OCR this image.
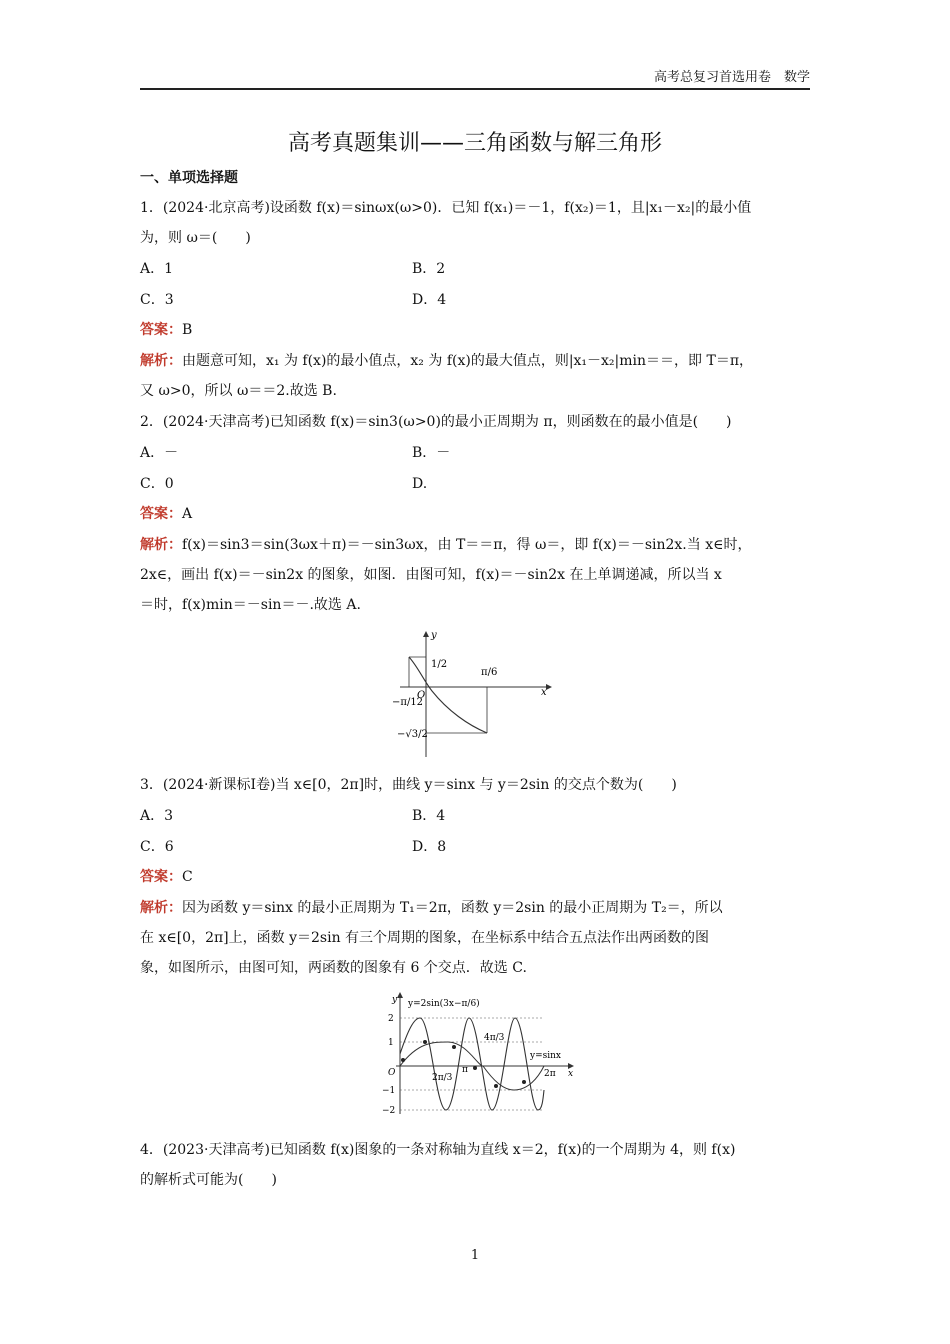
高考总复习首选用卷　数学
高考真题集训——三角函数与解三角形
一、单项选择题
1．(2024·北京高考)设函数 f(x)＝sinωx(ω>0)．已知 f(x₁)＝－1，f(x₂)＝1，且|x₁－x₂|的最小值
为，则 ω＝(　　)
A．1	B．2
C．3	D．4
答案：B
解析：由题意可知，x₁ 为 f(x)的最小值点，x₂ 为 f(x)的最大值点，则|x₁－x₂|min＝＝，即 T＝π，
又 ω>0，所以 ω＝＝2.故选 B.
2．(2024·天津高考)已知函数 f(x)＝sin3(ω>0)的最小正周期为 π，则函数在的最小值是(　　)
A．－	B．－
C．0	D.
答案：A
解析：f(x)＝sin3＝sin(3ωx＋π)＝－sin3ωx，由 T＝＝π，得 ω＝，即 f(x)＝－sin2x.当 x∈时，
2x∈，画出 f(x)＝－sin2x 的图象，如图．由图可知，f(x)＝－sin2x 在上单调递减，所以当 x
＝时，f(x)min＝－sin＝－.故选 A.
y
x
O
1/2
π/6
−π/12
−√3/2
3．(2024·新课标Ⅰ卷)当 x∈[0，2π]时，曲线 y＝sinx 与 y＝2sin 的交点个数为(　　)
A．3	B．4
C．6	D．8
答案：C
解析：因为函数 y＝sinx 的最小正周期为 T₁＝2π，函数 y＝2sin 的最小正周期为 T₂＝，所以
在 x∈[0，2π]上，函数 y＝2sin 有三个周期的图象，在坐标系中结合五点法作出两函数的图
象，如图所示，由图可知，两函数的图象有 6 个交点．故选 C.
y
x
O
2
1
−1
−2
y=2sin(3x−π/6)
y=sinx
2π/3
π
4π/3
2π
4．(2023·天津高考)已知函数 f(x)图象的一条对称轴为直线 x＝2，f(x)的一个周期为 4，则 f(x)
的解析式可能为(　　)
1
